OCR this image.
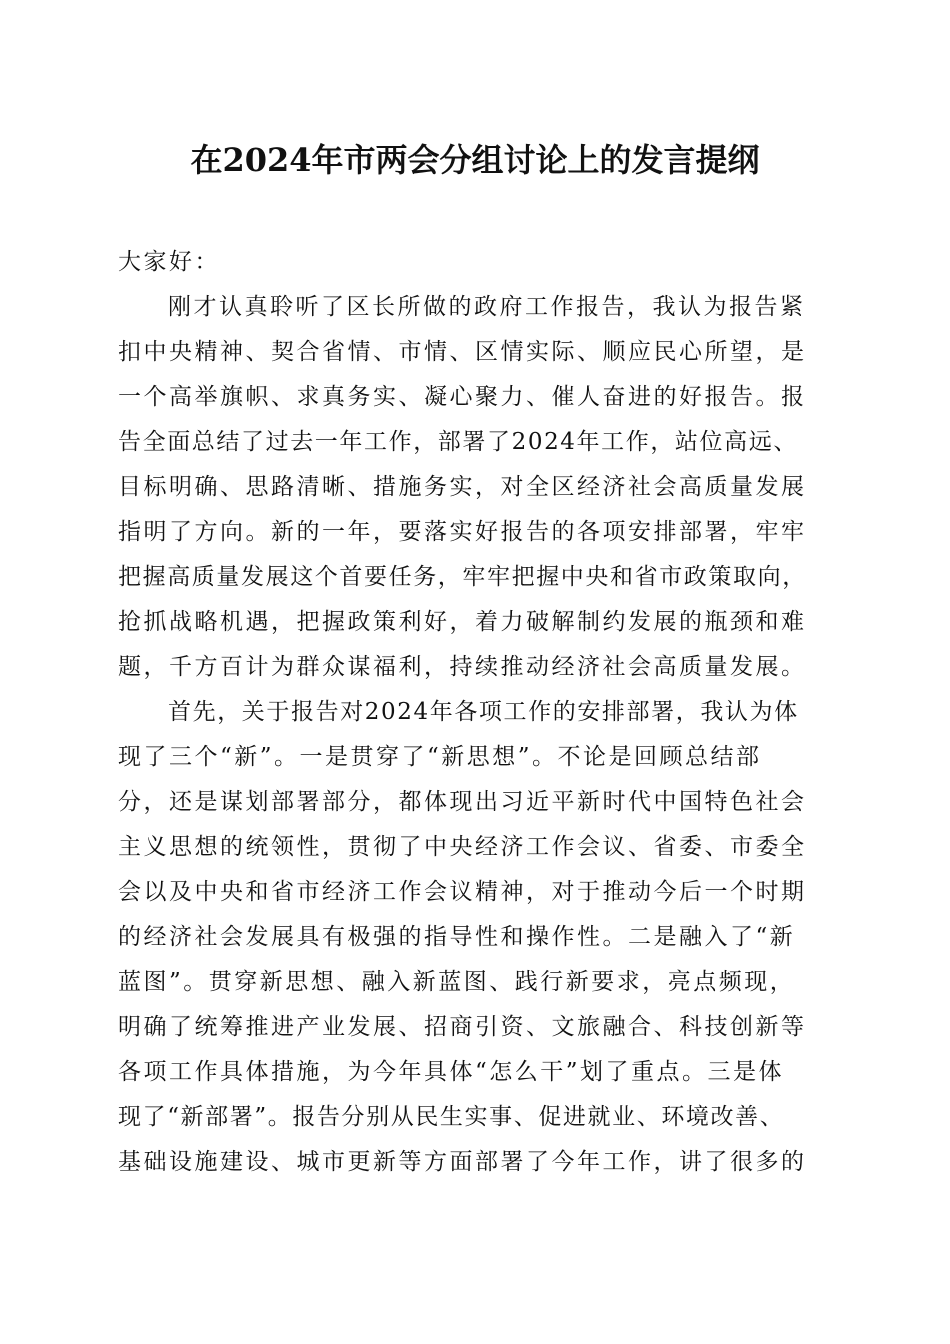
在2024年市两会分组讨论上的发言提纲
大家好：
刚才认真聆听了区长所做的政府工作报告，我认为报告紧
扣中央精神、契合省情、市情、区情实际、顺应民心所望，是
一个高举旗帜、求真务实、凝心聚力、催人奋进的好报告。报
告全面总结了过去一年工作，部署了2024年工作，站位高远、
目标明确、思路清晰、措施务实，对全区经济社会高质量发展
指明了方向。新的一年，要落实好报告的各项安排部署，牢牢
把握高质量发展这个首要任务，牢牢把握中央和省市政策取向，
抢抓战略机遇，把握政策利好，着力破解制约发展的瓶颈和难
题，千方百计为群众谋福利，持续推动经济社会高质量发展。
首先，关于报告对2024年各项工作的安排部署，我认为体
现了三个“新”。一是贯穿了“新思想”。不论是回顾总结部
分，还是谋划部署部分，都体现出习近平新时代中国特色社会
主义思想的统领性，贯彻了中央经济工作会议、省委、市委全
会以及中央和省市经济工作会议精神，对于推动今后一个时期
的经济社会发展具有极强的指导性和操作性。二是融入了“新
蓝图”。贯穿新思想、融入新蓝图、践行新要求，亮点频现，
明确了统筹推进产业发展、招商引资、文旅融合、科技创新等
各项工作具体措施，为今年具体“怎么干”划了重点。三是体
现了“新部署”。报告分别从民生实事、促进就业、环境改善、
基础设施建设、城市更新等方面部署了今年工作，讲了很多的
